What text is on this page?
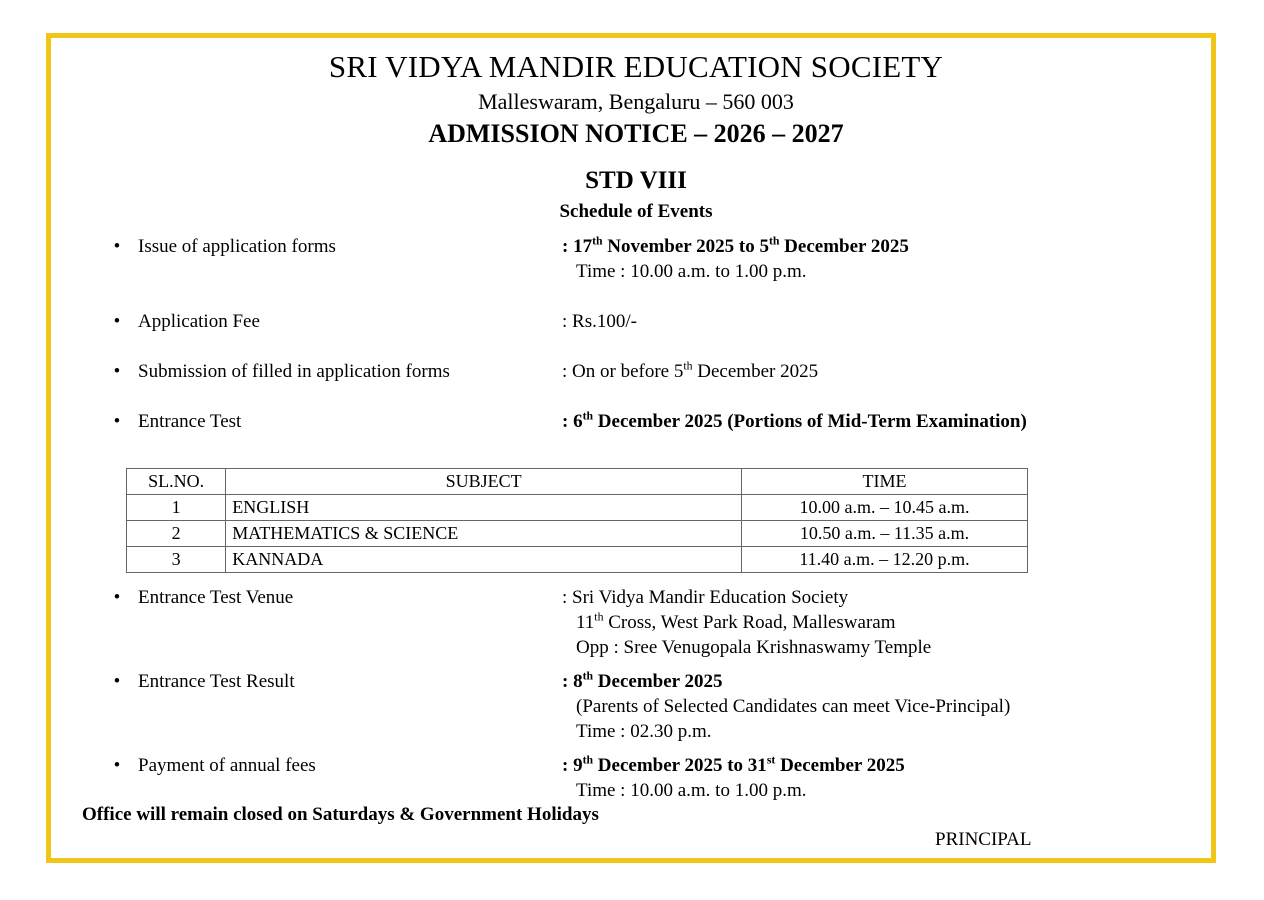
SRI VIDYA MANDIR EDUCATION SOCIETY
Malleswaram, Bengaluru – 560 003
ADMISSION NOTICE – 2026 – 2027
STD VIII
Schedule of Events
• Issue of application forms	: 17th November 2025 to 5th December 2025
Time : 10.00 a.m. to 1.00 p.m.
• Application Fee	: Rs.100/-
• Submission of filled in application forms	: On or before 5th December 2025
• Entrance Test	: 6th December 2025 (Portions of Mid-Term Examination)
SL.NO.	SUBJECT	TIME
1	ENGLISH	10.00 a.m. – 10.45 a.m.
2	MATHEMATICS & SCIENCE	10.50 a.m. – 11.35 a.m.
3	KANNADA	11.40 a.m. – 12.20 p.m.
• Entrance Test Venue	: Sri Vidya Mandir Education Society
11th Cross, West Park Road, Malleswaram
Opp : Sree Venugopala Krishnaswamy Temple
• Entrance Test Result	: 8th December 2025
(Parents of Selected Candidates can meet Vice-Principal)
Time : 02.30 p.m.
• Payment of annual fees	: 9th December 2025 to 31st December 2025
Time : 10.00 a.m. to 1.00 p.m.
Office will remain closed on Saturdays & Government Holidays
PRINCIPAL
